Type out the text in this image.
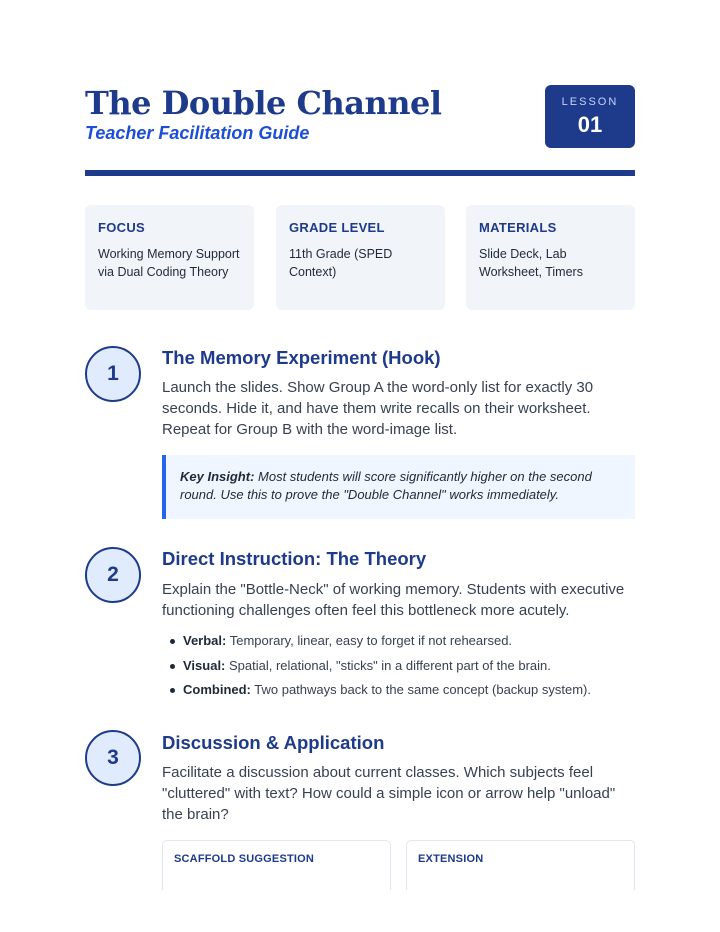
The Double Channel
Teacher Facilitation Guide
LESSON
01
FOCUS
Working Memory Support via Dual Coding Theory
GRADE LEVEL
11th Grade (SPED Context)
MATERIALS
Slide Deck, Lab Worksheet, Timers
1
The Memory Experiment (Hook)

Launch the slides. Show Group A the word-only list for exactly 30 seconds. Hide it, and have them write recalls on their worksheet. Repeat for Group B with the word-image list.

Key Insight: Most students will score significantly higher on the second round. Use this to prove the "Double Channel" works immediately.
2
Direct Instruction: The Theory

Explain the "Bottle-Neck" of working memory. Students with executive functioning challenges often feel this bottleneck more acutely.

Verbal: Temporary, linear, easy to forget if not rehearsed.
Visual: Spatial, relational, "sticks" in a different part of the brain.
Combined: Two pathways back to the same concept (backup system).
3
Discussion & Application

Facilitate a discussion about current classes. Which subjects feel "cluttered" with text? How could a simple icon or arrow help "unload" the brain?

SCAFFOLD SUGGESTION	EXTENSION
